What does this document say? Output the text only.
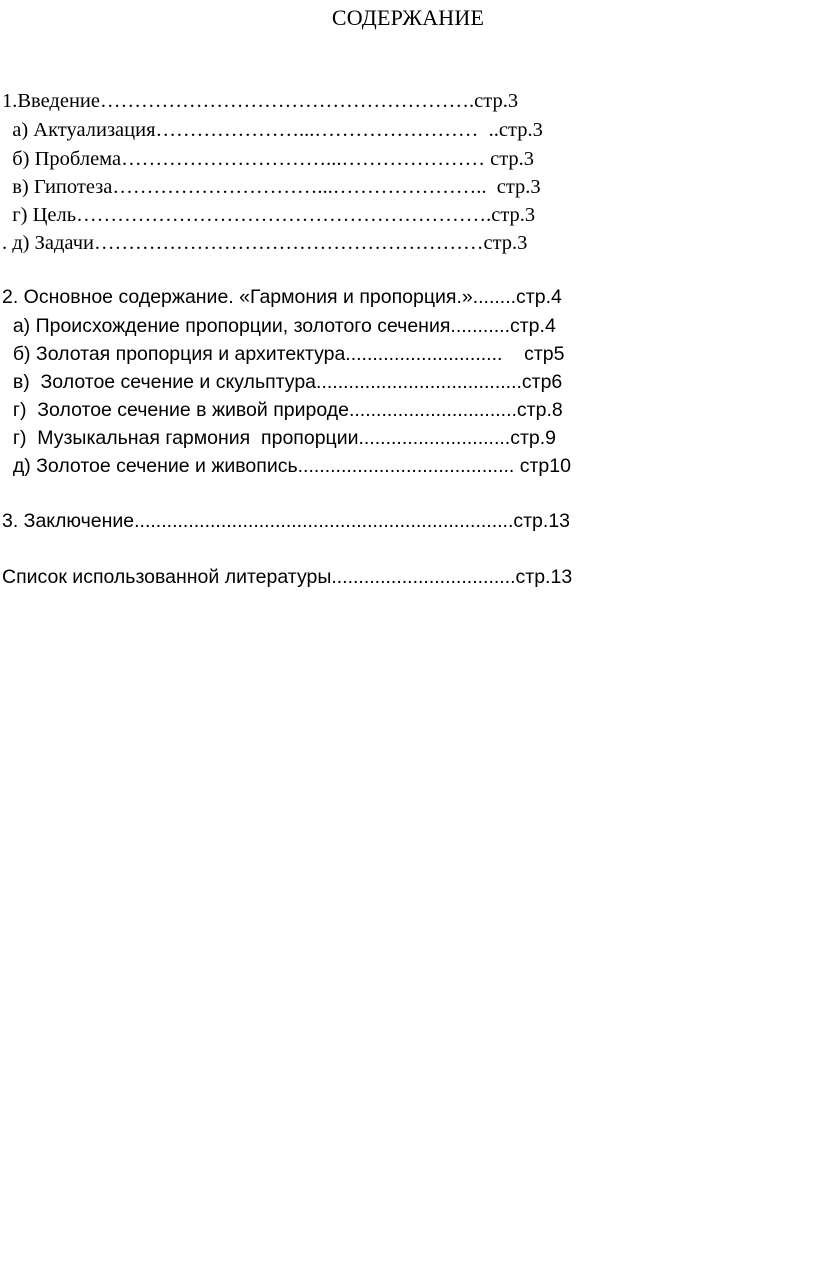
СОДЕРЖАНИЕ
1.Введение……………………………………………….стр.3
а) Актуализация…………………...……………………  ..стр.3
б) Проблема…………………………...………………… стр.3
в) Гипотеза…………………………...…………………..  стр.3
г) Цель…………………………………………………….стр.3
. д) Задачи…………………………………………………стр.3
2. Основное содержание. «Гармония и пропорция.»........стр.4
а) Происхождение пропорции, золотого сечения...........стр.4
б) Золотая пропорция и архитектура.............................    стр5
в)  Золотое сечение и скульптура......................................стр6
г)  Золотое сечение в живой природе...............................стр.8
г)  Музыкальная гармония  пропорции............................стр.9
д) Золотое сечение и живопись........................................ стр10
3. Заключение......................................................................стр.13
Список использованной литературы..................................стр.13
